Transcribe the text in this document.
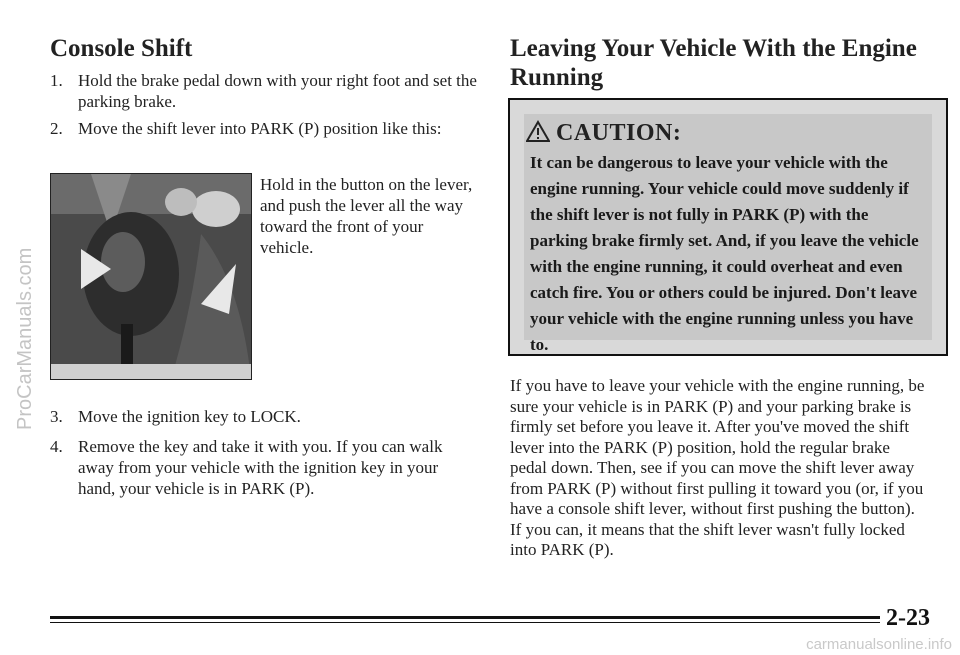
Console Shift
1. Hold the brake pedal down with your right foot and set the parking brake.
2. Move the shift lever into PARK (P) position like this:
Hold in the button on the lever, and push the lever all the way toward the front of your vehicle.
3. Move the ignition key to LOCK.
4. Remove the key and take it with you. If you can walk away from your vehicle with the ignition key in your hand, your vehicle is in PARK (P).
Leaving Your Vehicle With the Engine Running
CAUTION:
It can be dangerous to leave your vehicle with the engine running. Your vehicle could move suddenly if the shift lever is not fully in PARK (P) with the parking brake firmly set. And, if you leave the vehicle with the engine running, it could overheat and even catch fire. You or others could be injured. Don't leave your vehicle with the engine running unless you have to.
If you have to leave your vehicle with the engine running, be sure your vehicle is in PARK (P) and your parking brake is firmly set before you leave it. After you've moved the shift lever into the PARK (P) position, hold the regular brake pedal down. Then, see if you can move the shift lever away from PARK (P) without first pulling it toward you (or, if you have a console shift lever, without first pushing the button). If you can, it means that the shift lever wasn't fully locked into PARK (P).
2-23
ProCarManuals.com
carmanualsonline.info
